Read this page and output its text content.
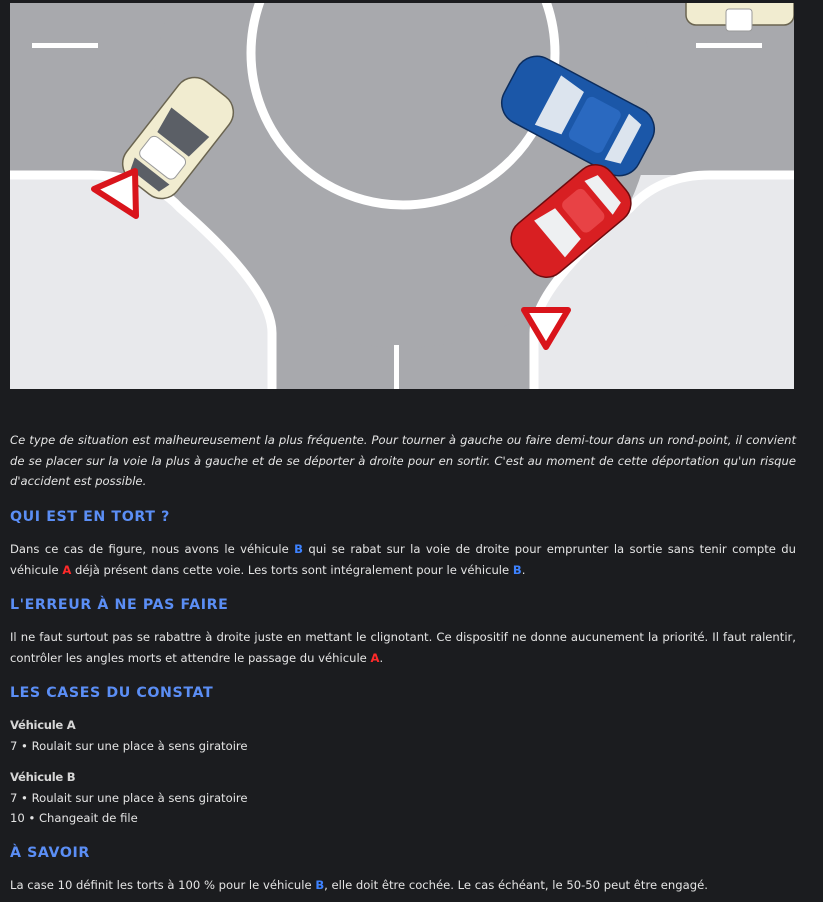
Ce type de situation est malheureusement la plus fréquente. Pour tourner à gauche ou faire demi-tour dans un rond-point, il convient de se placer sur la voie la plus à gauche et de se déporter à droite pour en sortir. C'est au moment de cette déportation qu'un risque d'accident est possible.

QUI EST EN TORT ?

Dans ce cas de figure, nous avons le véhicule B qui se rabat sur la voie de droite pour emprunter la sortie sans tenir compte du véhicule A déjà présent dans cette voie. Les torts sont intégralement pour le véhicule B.

L'ERREUR À NE PAS FAIRE

Il ne faut surtout pas se rabattre à droite juste en mettant le clignotant. Ce dispositif ne donne aucunement la priorité. Il faut ralentir, contrôler les angles morts et attendre le passage du véhicule A.

LES CASES DU CONSTAT

Véhicule A

7 • Roulait sur une place à sens giratoire

Véhicule B

7 • Roulait sur une place à sens giratoire

10 • Changeait de file

À SAVOIR

La case 10 définit les torts à 100 % pour le véhicule B, elle doit être cochée. Le cas échéant, le 50-50 peut être engagé.
